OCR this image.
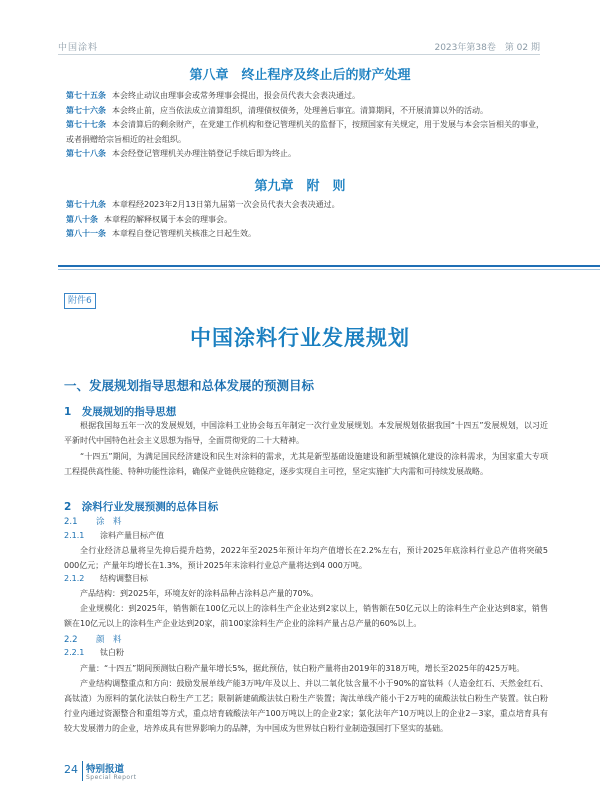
中国涂料	2023年第38卷　第 02 期
第八章　终止程序及终止后的财产处理

第七十五条 本会终止动议由理事会或常务理事会提出，报会员代表大会表决通过。

第七十六条 本会终止前，应当依法成立清算组织，清理债权债务，处理善后事宜。清算期间，不开展清算以外的活动。

第七十七条 本会清算后的剩余财产，在党建工作机构和登记管理机关的监督下，按照国家有关规定，用于发展与本会宗旨相关的事业，或者捐赠给宗旨相近的社会组织。

第七十八条 本会经登记管理机关办理注销登记手续后即为终止。

第九章　附　则

第七十九条 本章程经2023年2月13日第九届第一次会员代表大会表决通过。

第八十条 本章程的解释权属于本会的理事会。

第八十一条 本章程自登记管理机关核准之日起生效。

附件6
中国涂料行业发展规划
一、发展规划指导思想和总体发展的预测目标
1　发展规划的指导思想

根据我国每五年一次的发展规划，中国涂料工业协会每五年制定一次行业发展规划。本发展规划依据我国“十四五”发展规划，以习近平新时代中国特色社会主义思想为指导，全面贯彻党的二十大精神。

“十四五”期间，为满足国民经济建设和民生对涂料的需求，尤其是新型基础设施建设和新型城镇化建设的涂料需求，为国家重大专项工程提供高性能、特种功能性涂料，确保产业链供应链稳定，逐步实现自主可控，坚定实施扩大内需和可持续发展战略。

2　涂料行业发展预测的总体目标
2.1 涂　料
2.1.1 涂料产量目标产值

全行业经济总量将呈先抑后提升趋势，2022年至2025年预计年均产值增长在2.2%左右，预计2025年底涂料行业总产值将突破5 000亿元；产量年均增长在1.3%，预计2025年末涂料行业总产量将达到4 000万吨。

2.1.2 结构调整目标

产品结构：到2025年，环境友好的涂料品种占涂料总产量的70%。

企业规模化：到2025年，销售额在100亿元以上的涂料生产企业达到2家以上，销售额在50亿元以上的涂料生产企业达到8家，销售额在10亿元以上的涂料生产企业达到20家，前100家涂料生产企业的涂料产量占总产量的60%以上。

2.2 颜　料
2.2.1 钛白粉

产量：“十四五”期间预测钛白粉产量年增长5%，据此预估，钛白粉产量将由2019年的318万吨，增长至2025年的425万吨。

产业结构调整重点和方向：鼓励发展单线产能3万吨/年及以上、并以二氧化钛含量不小于90%的富钛料（人造金红石、天然金红石、高钛渣）为原料的氯化法钛白粉生产工艺；限制新建硫酸法钛白粉生产装置；淘汰单线产能小于2万吨的硫酸法钛白粉生产装置。钛白粉行业内通过资源整合和重组等方式，重点培育硫酸法年产100万吨以上的企业2家；氯化法年产10万吨以上的企业2－3家，重点培育具有较大发展潜力的企业，培养成具有世界影响力的品牌，为中国成为世界钛白粉行业制造强国打下坚实的基础。

24 特别报道
Special Report
